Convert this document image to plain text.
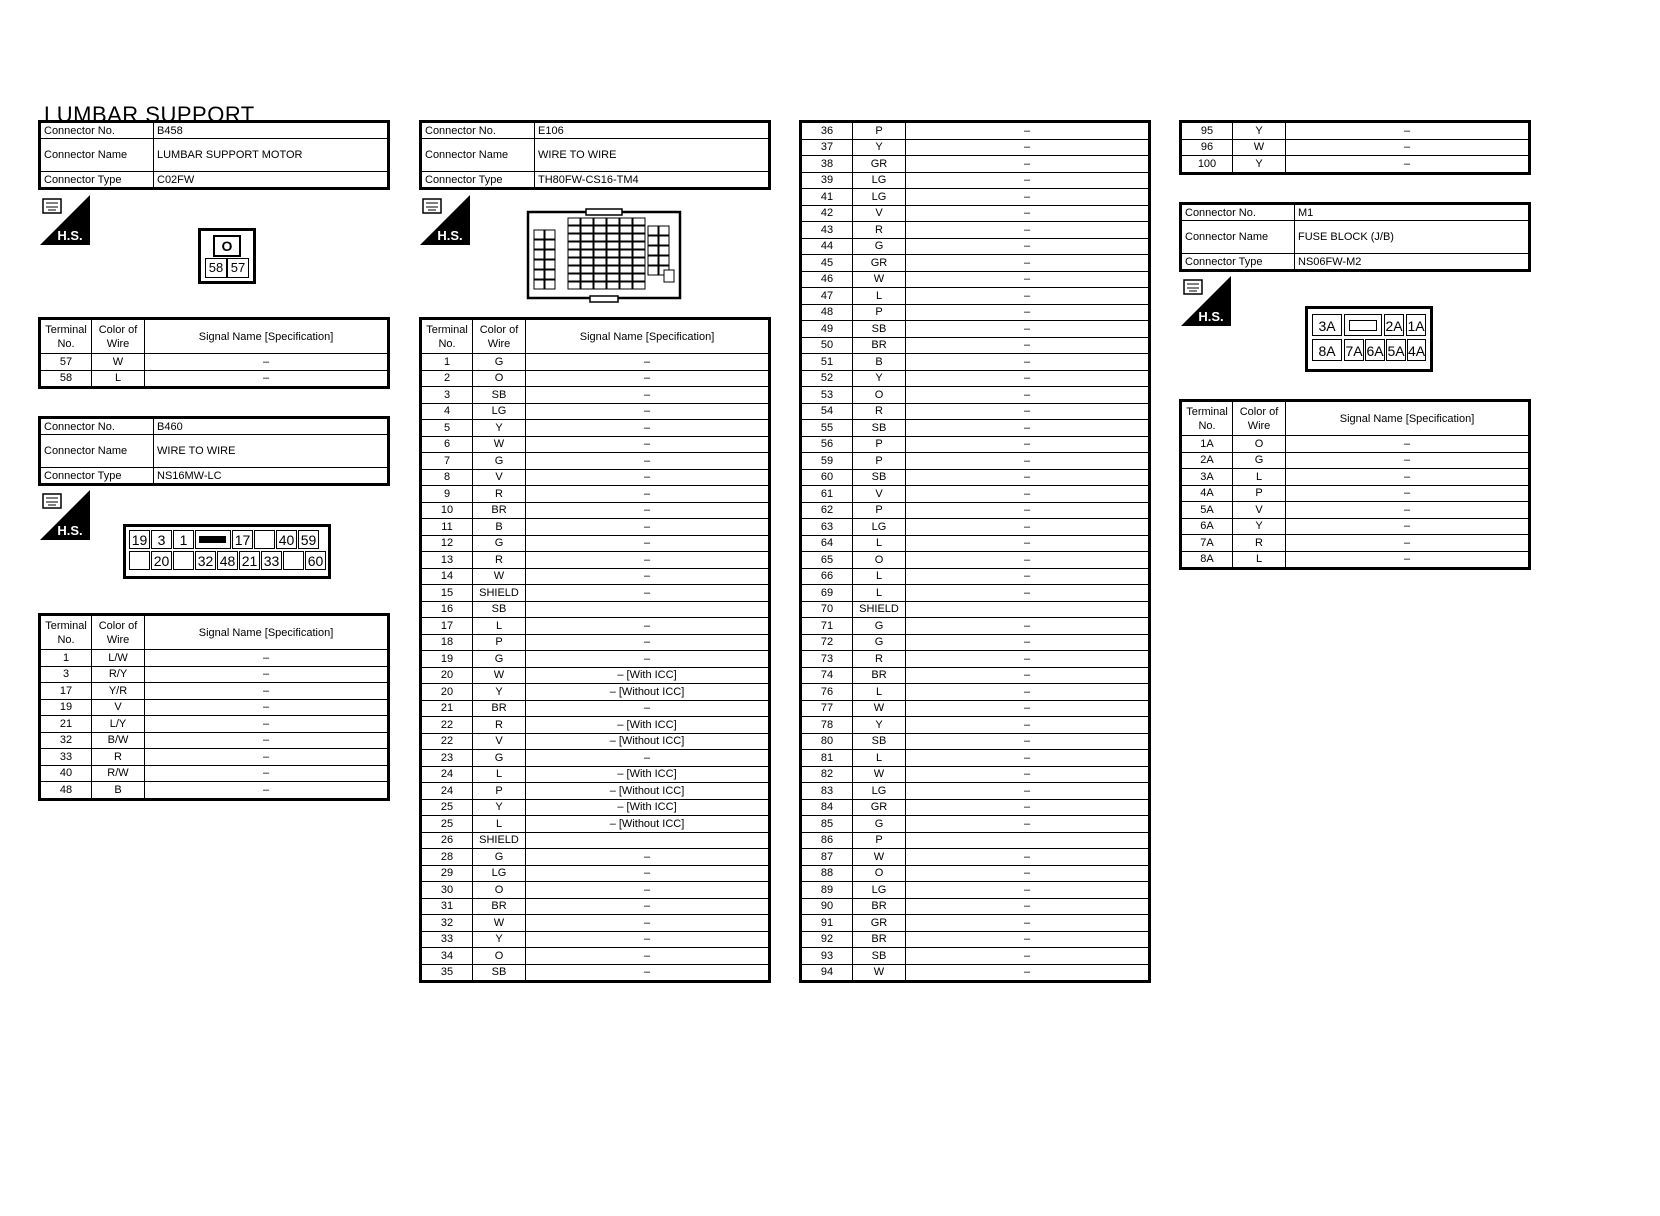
LUMBAR SUPPORT
Connector No.	B458
Connector Name	LUMBAR SUPPORT MOTOR
Connector Type	C02FW
H.S.
O
58 57
Terminal No.	Color of Wire	Signal Name [Specification]
57	W	–
58	L	–
Connector No.	B460
Connector Name	WIRE TO WIRE
Connector Type	NS16MW-LC
H.S.
19 3	1	17 40 59
20 32 48 21 33 60
Terminal No.	Color of Wire	Signal Name [Specification]
1	L/W	–
3	R/Y	–
17	Y/R	–
19	V	–
21	L/Y	–
32	B/W	–
33	R	–
40	R/W	–
48	B	–
Connector No.	E106
Connector Name	WIRE TO WIRE
Connector Type	TH80FW-CS16-TM4
H.S.
Terminal No.	Color of Wire	Signal Name [Specification]
1	G	–
2	O	–
3	SB	–
4	LG	–
5	Y	–
6	W	–
7	G	–
8	V	–
9	R	–
10	BR	–
11	B	–
12	G	–
13	R	–
14	W	–
15	SHIELD	–
16	SB	
17	L	–
18	P	–
19	G	–
20	W	– [With ICC]
20	Y	– [Without ICC]
21	BR	–
22	R	– [With ICC]
22	V	– [Without ICC]
23	G	–
24	L	– [With ICC]
24	P	– [Without ICC]
25	Y	– [With ICC]
25	L	– [Without ICC]
26	SHIELD	
28	G	–
29	LG	–
30	O	–
31	BR	–
32	W	–
33	Y	–
34	O	–
35	SB	–
36	P	–
37	Y	–
38	GR	–
39	LG	–
41	LG	–
42	V	–
43	R	–
44	G	–
45	GR	–
46	W	–
47	L	–
48	P	–
49	SB	–
50	BR	–
51	B	–
52	Y	–
53	O	–
54	R	–
55	SB	–
56	P	–
59	P	–
60	SB	–
61	V	–
62	P	–
63	LG	–
64	L	–
65	O	–
66	L	–
69	L	–
70	SHIELD	
71	G	–
72	G	–
73	R	–
74	BR	–
76	L	–
77	W	–
78	Y	–
80	SB	–
81	L	–
82	W	–
83	LG	–
84	GR	–
85	G	–
86	P	
87	W	–
88	O	–
89	LG	–
90	BR	–
91	GR	–
92	BR	–
93	SB	–
94	W	–
95	Y	–
96	W	–
100	Y	–
Connector No.	M1
Connector Name	FUSE BLOCK (J/B)
Connector Type	NS06FW-M2
H.S.
3A	2A 1A
8A 7A 6A 5A 4A
Terminal No.	Color of Wire	Signal Name [Specification]
1A	O	–
2A	G	–
3A	L	–
4A	P	–
5A	V	–
6A	Y	–
7A	R	–
8A	L	–
